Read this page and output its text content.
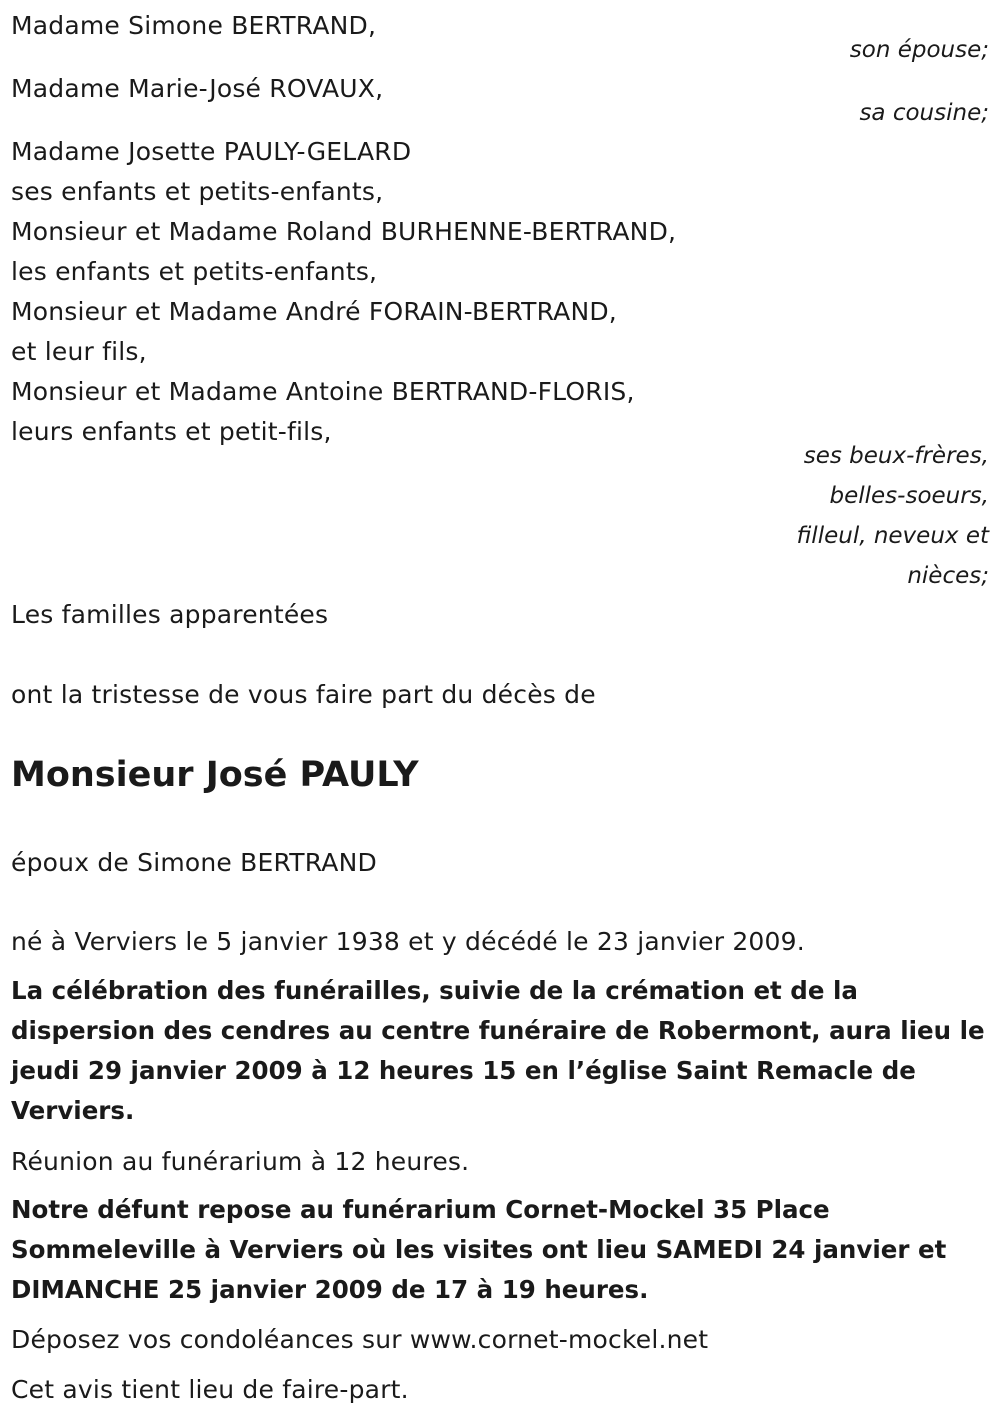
Madame Simone BERTRAND,
son épouse;
Madame Marie-José ROVAUX,
sa cousine;
Madame Josette PAULY-GELARD
ses enfants et petits-enfants,
Monsieur et Madame Roland BURHENNE-BERTRAND,
les enfants et petits-enfants,
Monsieur et Madame André FORAIN-BERTRAND,
et leur fils,
Monsieur et Madame Antoine BERTRAND-FLORIS,
leurs enfants et petit-fils,
ses beux-frères,
belles-soeurs,
filleul, neveux et
nièces;
Les familles apparentées
ont la tristesse de vous faire part du décès de
Monsieur José PAULY
époux de Simone BERTRAND
né à Verviers le 5 janvier 1938 et y décédé le 23 janvier 2009.
La célébration des funérailles, suivie de la crémation et de la
dispersion des cendres au centre funéraire de Robermont, aura lieu le
jeudi 29 janvier 2009 à 12 heures 15 en l’église Saint Remacle de
Verviers.
Réunion au funérarium à 12 heures.
Notre défunt repose au funérarium Cornet-Mockel 35 Place
Sommeleville à Verviers où les visites ont lieu SAMEDI 24 janvier et
DIMANCHE 25 janvier 2009 de 17 à 19 heures.
Déposez vos condoléances sur www.cornet-mockel.net
Cet avis tient lieu de faire-part.
